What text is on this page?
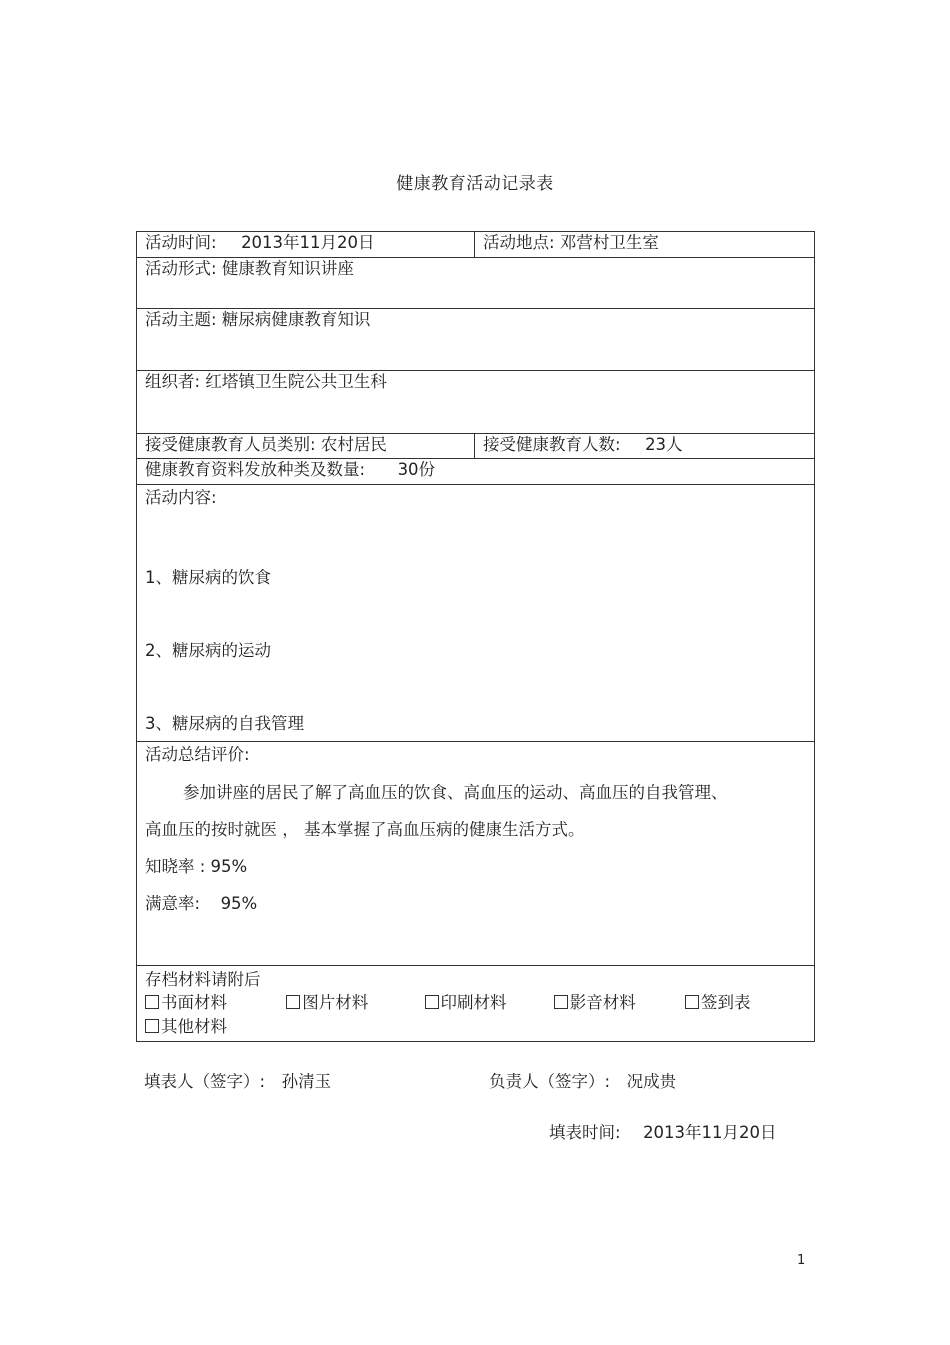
健康教育活动记录表
活动时间: 2013年11月20日	活动地点: 邓营村卫生室
活动形式: 健康教育知识讲座	
活动主题: 糖尿病健康教育知识	
组织者: 红塔镇卫生院公共卫生科	
接受健康教育人员类别: 农村居民	接受健康教育人数: 23人
健康教育资料发放种类及数量: 30份	

活动内容:
1、糖尿病的饮食
2、糖尿病的运动
3、糖尿病的自我管理	

活动总结评价:
参加讲座的居民了解了高血压的饮食、高血压的运动、高血压的自我管理、
高血压的按时就医 ， 基本掌握了高血压病的健康生活方式。
知晓率 : 95%
满意率: 95%	

存档材料请附后
书面材料 图片材料 印刷材料 影音材料 签到表
其他材料	
填表人（签字）: 孙清玉	负责人（签字）: 况成贵
填表时间: 2013年11月20日
1
